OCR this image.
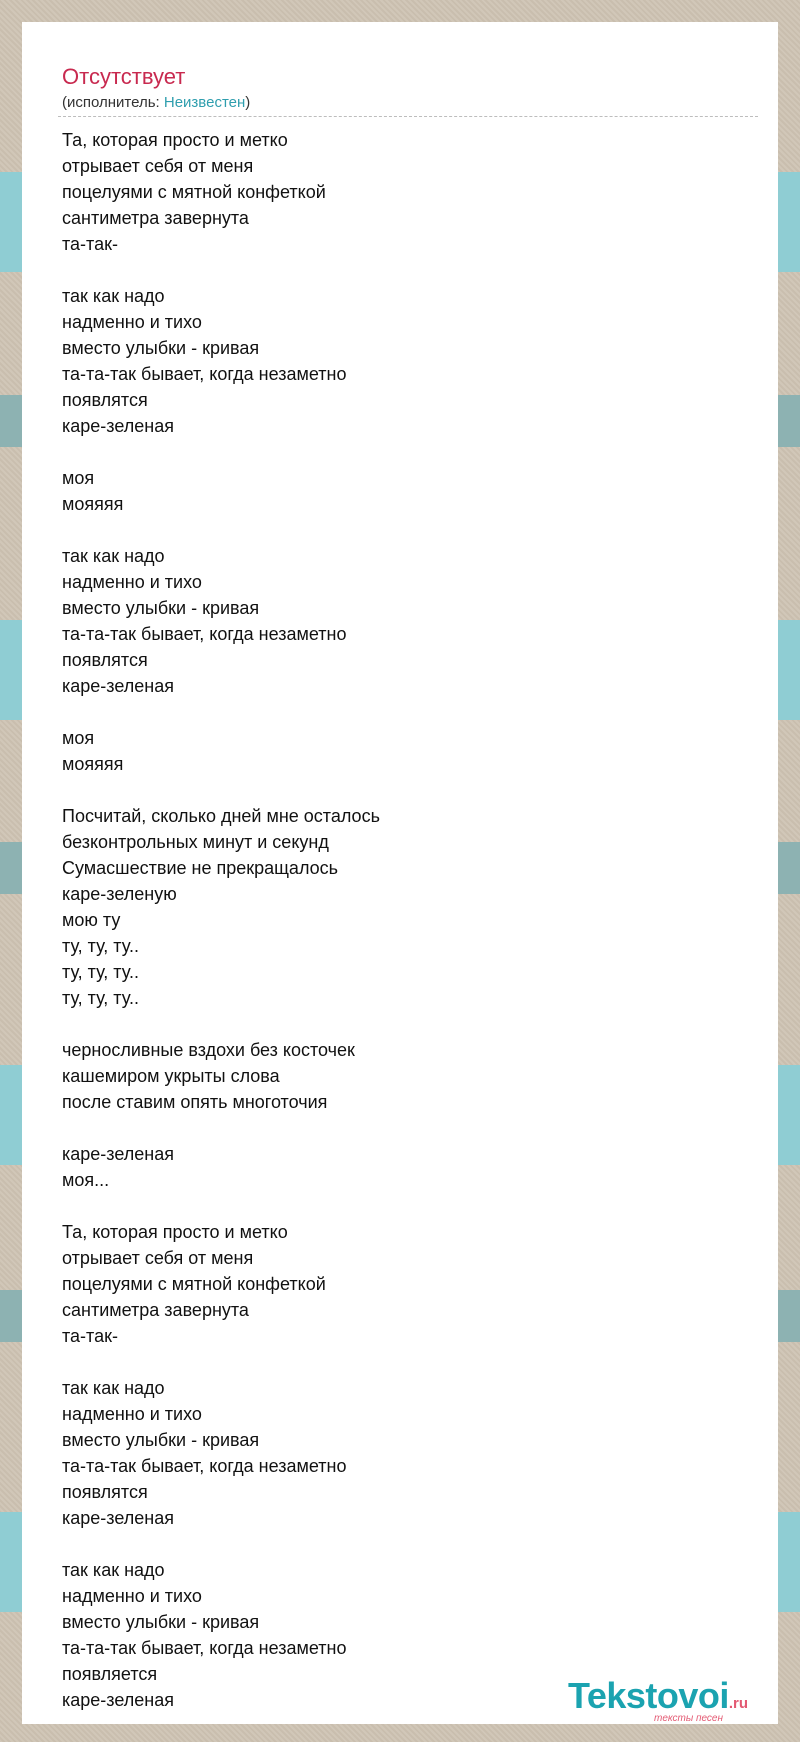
Отсутствует
(исполнитель: Неизвестен)
Та, которая просто и метко
отрывает себя от меня
поцелуями с мятной конфеткой
сантиметра завернута
та-так-
так как надо
надменно и тихо
вместо улыбки - кривая
та-та-так бывает, когда незаметно
появлятся
каре-зеленая
моя
мояяяя
так как надо
надменно и тихо
вместо улыбки - кривая
та-та-так бывает, когда незаметно
появлятся
каре-зеленая
моя
мояяяя
Посчитай, сколько дней мне осталось
безконтрольных минут и секунд
Сумасшествие не прекращалось
каре-зеленую
мою ту
ту, ту, ту..
ту, ту, ту..
ту, ту, ту..
черносливные вздохи без косточек
кашемиром укрыты слова
после ставим опять многоточия
каре-зеленая
моя...
Та, которая просто и метко
отрывает себя от меня
поцелуями с мятной конфеткой
сантиметра завернута
та-так-
так как надо
надменно и тихо
вместо улыбки - кривая
та-та-так бывает, когда незаметно
появлятся
каре-зеленая
так как надо
надменно и тихо
вместо улыбки - кривая
та-та-так бывает, когда незаметно
появляется
каре-зеленая	Tekstovoi.ru
тексты песен
